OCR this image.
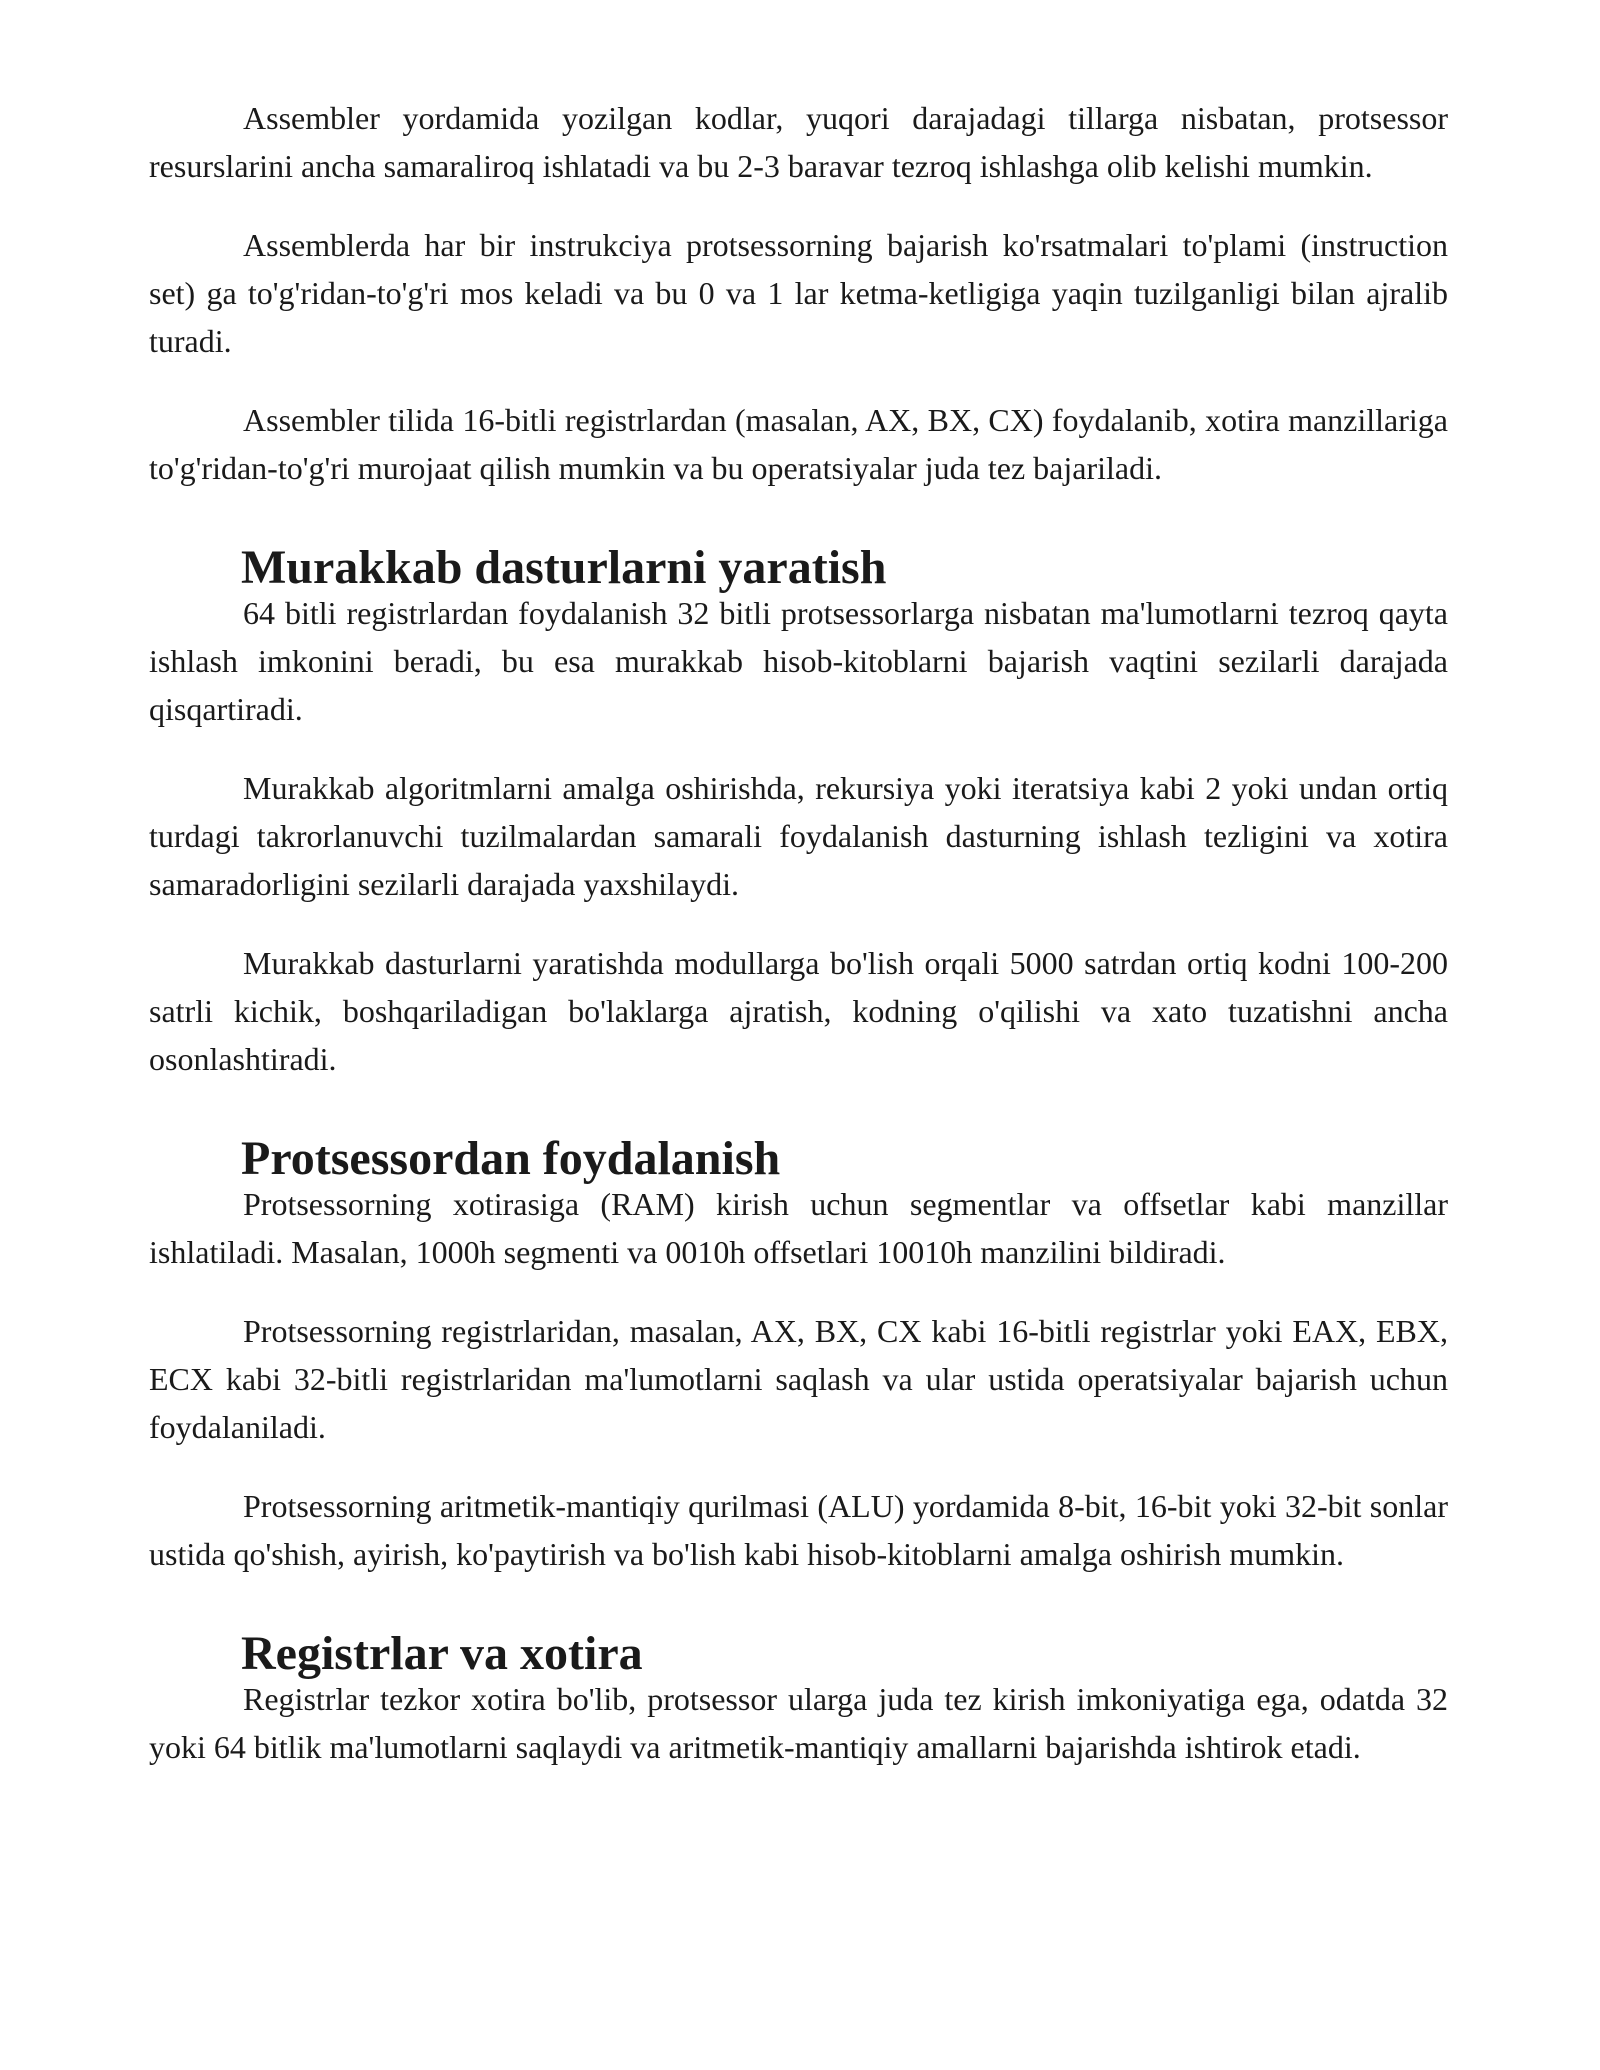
Assembler yordamida yozilgan kodlar, yuqori darajadagi tillarga nisbatan, protsessor resurslarini ancha samaraliroq ishlatadi va bu 2-3 baravar tezroq ishlashga olib kelishi mumkin.

Assemblerda har bir instrukciya protsessorning bajarish ko'rsatmalari to'plami (instruction set) ga to'g'ridan-to'g'ri mos keladi va bu 0 va 1 lar ketma-ketligiga yaqin tuzilganligi bilan ajralib turadi.

Assembler tilida 16-bitli registrlardan (masalan, AX, BX, CX) foydalanib, xotira manzillariga to'g'ridan-to'g'ri murojaat qilish mumkin va bu operatsiyalar juda tez bajariladi.

Murakkab dasturlarni yaratish

64 bitli registrlardan foydalanish 32 bitli protsessorlarga nisbatan ma'lumotlarni tezroq qayta ishlash imkonini beradi, bu esa murakkab hisob-kitoblarni bajarish vaqtini sezilarli darajada qisqartiradi.

Murakkab algoritmlarni amalga oshirishda, rekursiya yoki iteratsiya kabi 2 yoki undan ortiq turdagi takrorlanuvchi tuzilmalardan samarali foydalanish dasturning ishlash tezligini va xotira samaradorligini sezilarli darajada yaxshilaydi.

Murakkab dasturlarni yaratishda modullarga bo'lish orqali 5000 satrdan ortiq kodni 100-200 satrli kichik, boshqariladigan bo'laklarga ajratish, kodning o'qilishi va xato tuzatishni ancha osonlashtiradi.

Protsessordan foydalanish

Protsessorning xotirasiga (RAM) kirish uchun segmentlar va offsetlar kabi manzillar ishlatiladi. Masalan, 1000h segmenti va 0010h offsetlari 10010h manzilini bildiradi.

Protsessorning registrlaridan, masalan, AX, BX, CX kabi 16-bitli registrlar yoki EAX, EBX, ECX kabi 32-bitli registrlaridan ma'lumotlarni saqlash va ular ustida operatsiyalar bajarish uchun foydalaniladi.

Protsessorning aritmetik-mantiqiy qurilmasi (ALU) yordamida 8-bit, 16-bit yoki 32-bit sonlar ustida qo'shish, ayirish, ko'paytirish va bo'lish kabi hisob-kitoblarni amalga oshirish mumkin.

Registrlar va xotira

Registrlar tezkor xotira bo'lib, protsessor ularga juda tez kirish imkoniyatiga ega, odatda 32 yoki 64 bitlik ma'lumotlarni saqlaydi va aritmetik-mantiqiy amallarni bajarishda ishtirok etadi.
